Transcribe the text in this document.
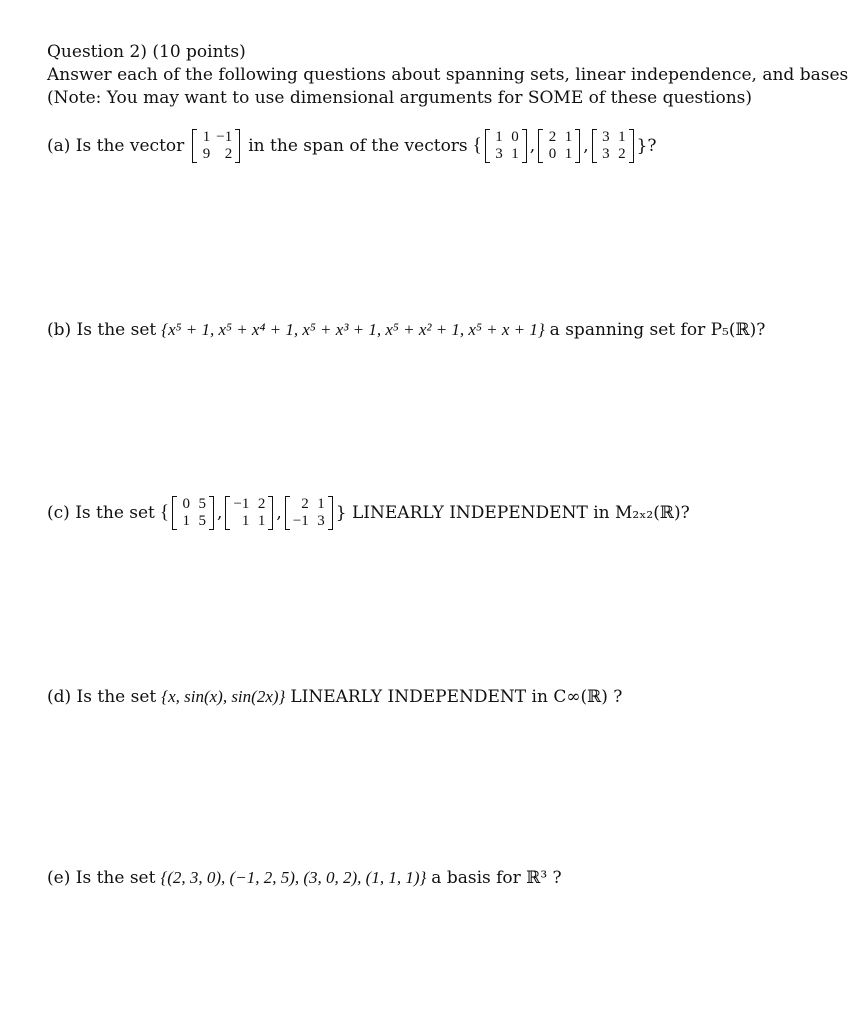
Question 2) (10 points)
Answer each of the following questions about spanning sets, linear independence, and bases
(Note: You may want to use dimensional arguments for SOME of these questions)
(a) Is the vector 1	−1
9	2 in the span of the vectors { 1	0
3	1 , 2	1
0	1 , 3	1
3	2 }?
(b) Is the set {x⁵ + 1, x⁵ + x⁴ + 1, x⁵ + x³ + 1, x⁵ + x² + 1, x⁵ + x + 1} a spanning set for P₅(ℝ)?
(c) Is the set { 0	5
1	5 , −1	2
1	1 , 2	1
−1	3 } LINEARLY INDEPENDENT in M₂ₓ₂(ℝ)?
(d) Is the set {x, sin(x), sin(2x)} LINEARLY INDEPENDENT in C∞(ℝ) ?
(e) Is the set {(2, 3, 0), (−1, 2, 5), (3, 0, 2), (1, 1, 1)} a basis for ℝ³ ?
